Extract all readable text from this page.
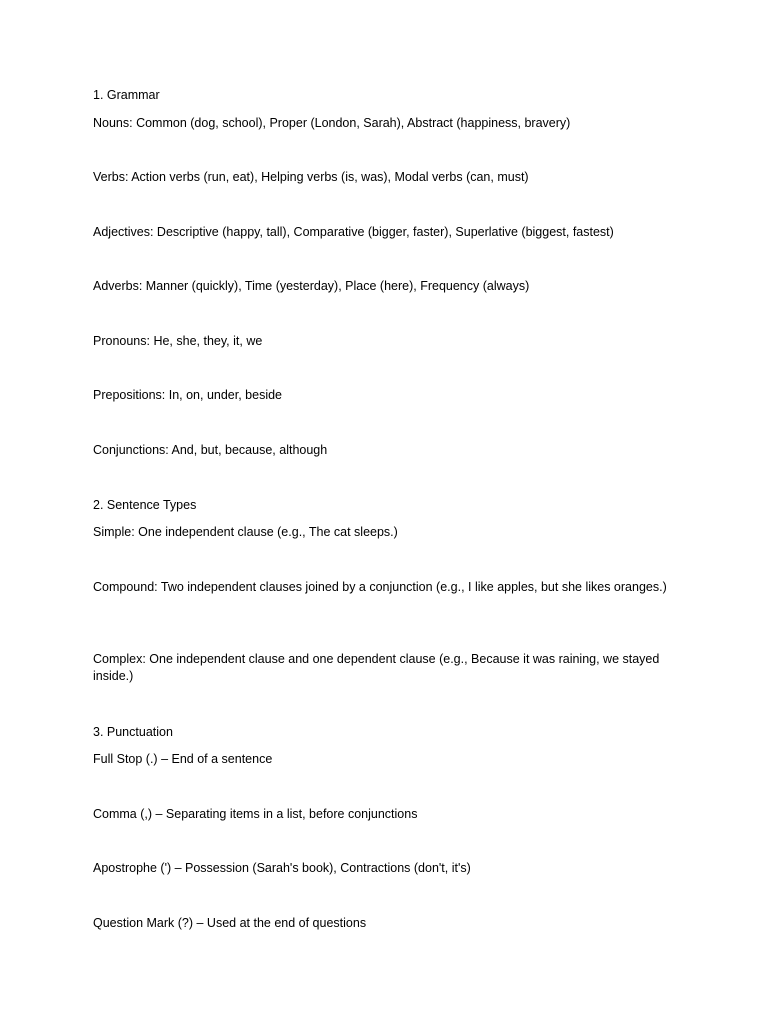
1. Grammar
Nouns: Common (dog, school), Proper (London, Sarah), Abstract (happiness, bravery)
Verbs: Action verbs (run, eat), Helping verbs (is, was), Modal verbs (can, must)
Adjectives: Descriptive (happy, tall), Comparative (bigger, faster), Superlative (biggest, fastest)
Adverbs: Manner (quickly), Time (yesterday), Place (here), Frequency (always)
Pronouns: He, she, they, it, we
Prepositions: In, on, under, beside
Conjunctions: And, but, because, although
2. Sentence Types
Simple: One independent clause (e.g., The cat sleeps.)
Compound: Two independent clauses joined by a conjunction (e.g., I like apples, but she likes oranges.)
Complex: One independent clause and one dependent clause (e.g., Because it was raining, we stayed inside.)
3. Punctuation
Full Stop (.) – End of a sentence
Comma (,) – Separating items in a list, before conjunctions
Apostrophe (') – Possession (Sarah's book), Contractions (don't, it's)
Question Mark (?) – Used at the end of questions
